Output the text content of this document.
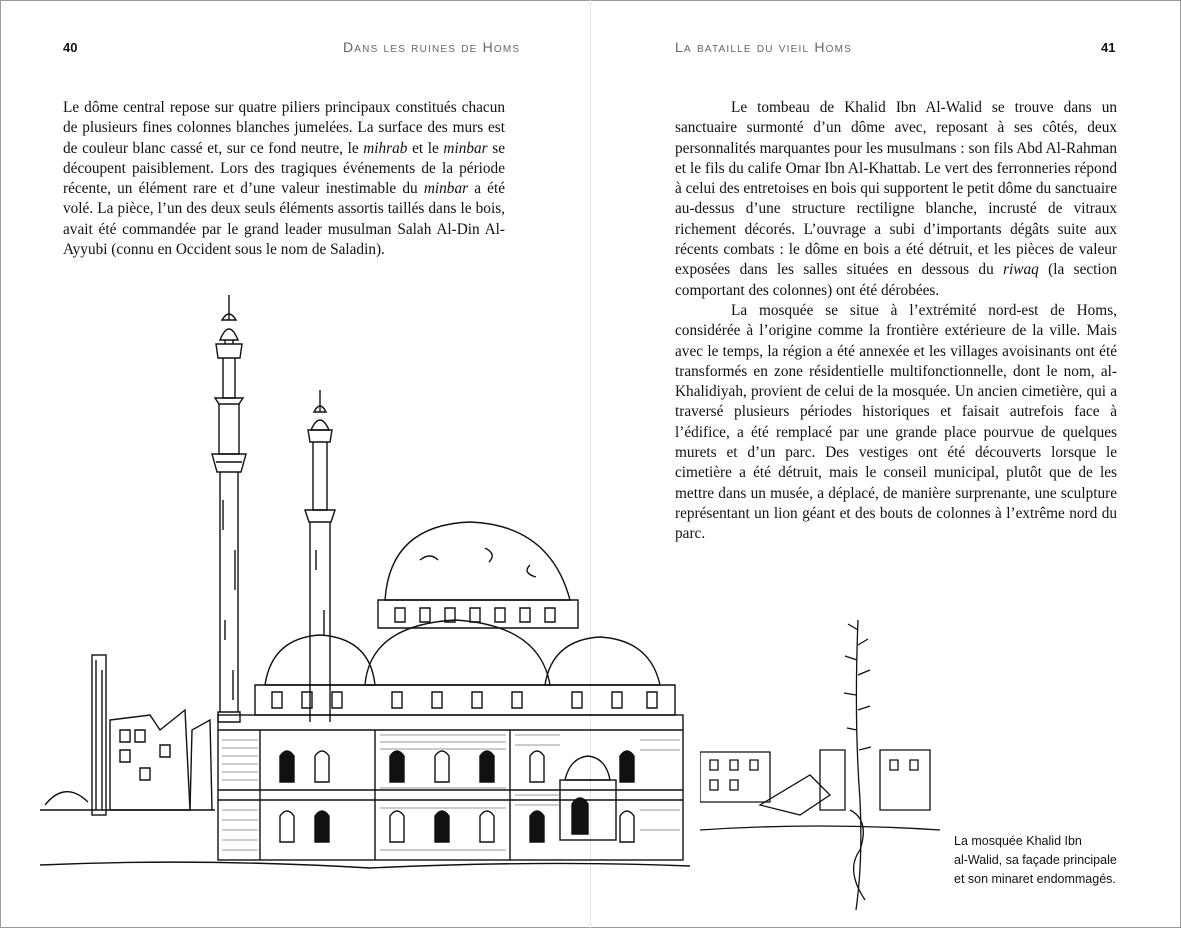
40	Dans les ruines de Homs	La bataille du vieil Homs	41

Le dôme central repose sur quatre piliers principaux constitués chacun de plusieurs fines colonnes blanches jumelées. La surface des murs est de couleur blanc cassé et, sur ce fond neutre, le mihrab et le minbar se découpent paisiblement. Lors des tragiques événements de la période récente, un élément rare et d’une valeur inestimable du minbar a été volé. La pièce, l’un des deux seuls éléments assortis taillés dans le bois, avait été commandée par le grand leader musulman Salah Al-Din Al-Ayyubi (connu en Occident sous le nom de Saladin).

Le tombeau de Khalid Ibn Al-Walid se trouve dans un sanctuaire surmonté d’un dôme avec, reposant à ses côtés, deux personnalités marquantes pour les musulmans : son fils Abd Al-Rahman et le fils du calife Omar Ibn Al-Khattab. Le vert des ferronneries répond à celui des entretoises en bois qui supportent le petit dôme du sanctuaire au-dessus d’une structure rectiligne blanche, incrusté de vitraux richement décorés. L’ouvrage a subi d’importants dégâts suite aux récents combats : le dôme en bois a été détruit, et les pièces de valeur exposées dans les salles situées en dessous du riwaq (la section comportant des colonnes) ont été dérobées.

La mosquée se situe à l’extrémité nord-est de Homs, considérée à l’origine comme la frontière extérieure de la ville. Mais avec le temps, la région a été annexée et les villages avoisinants ont été transformés en zone résidentielle multifonctionnelle, dont le nom, al-Khalidiyah, provient de celui de la mosquée. Un ancien cimetière, qui a traversé plusieurs périodes historiques et faisait autrefois face à l’édifice, a été remplacé par une grande place pourvue de quelques murets et d’un parc. Des vestiges ont été découverts lorsque le cimetière a été détruit, mais le conseil municipal, plutôt que de les mettre dans un musée, a déplacé, de manière surprenante, une sculpture représentant un lion géant et des bouts de colonnes à l’extrême nord du parc.

La mosquée Khalid Ibn
al-Walid, sa façade principale
et son minaret endommagés.
